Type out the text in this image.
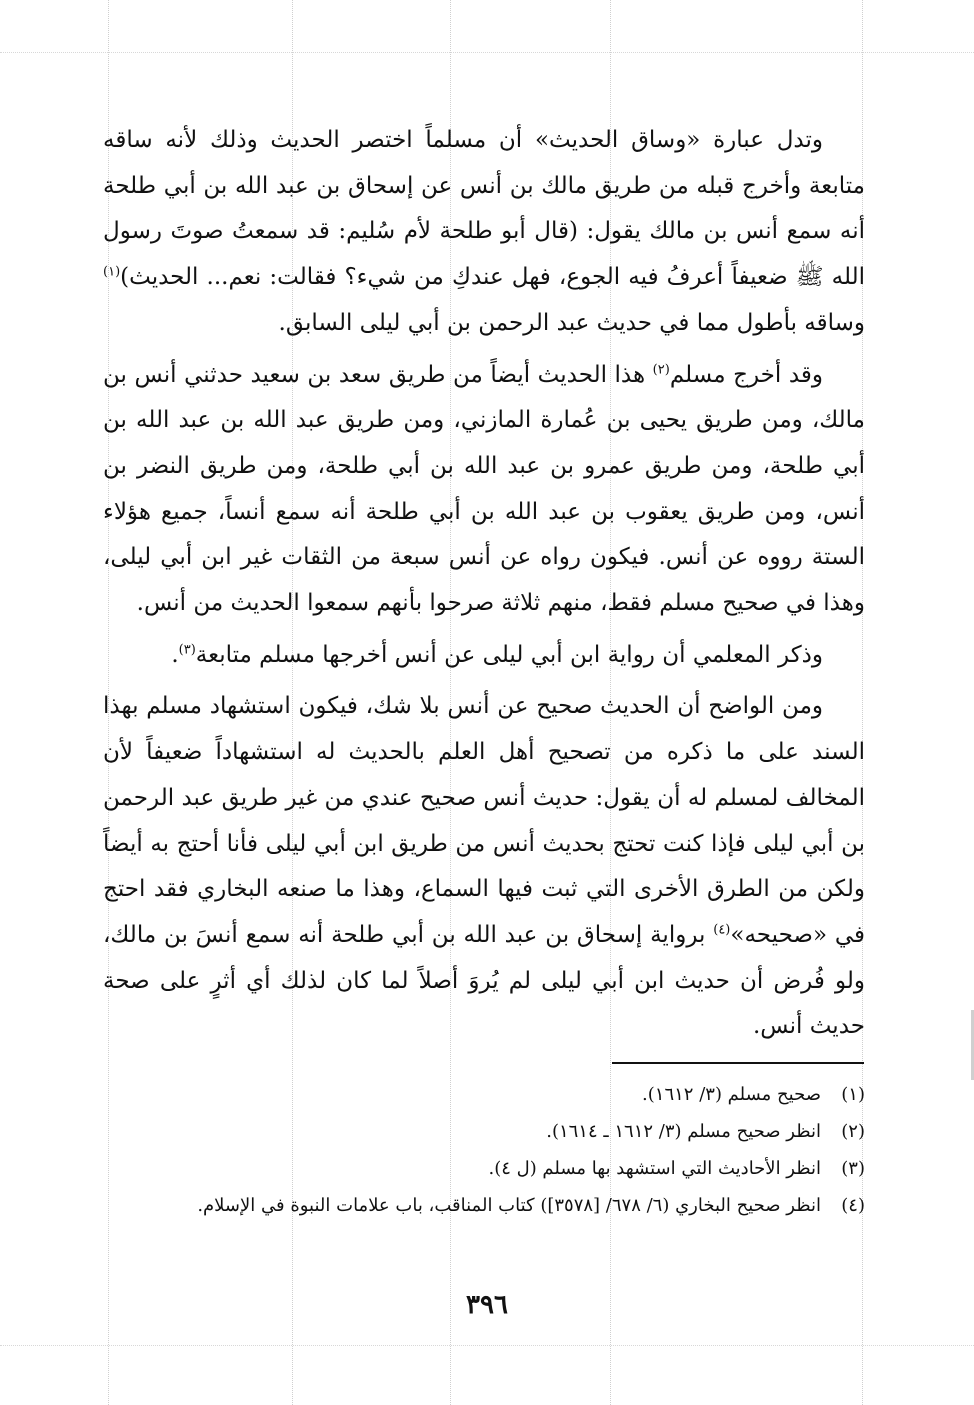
وتدل عبارة «وساق الحديث» أن مسلماً اختصر الحديث وذلك لأنه ساقه متابعة وأخرج قبله من طريق مالك بن أنس عن إسحاق بن عبد الله بن أبي طلحة أنه سمع أنس بن مالك يقول: (قال أبو طلحة لأم سُليم: قد سمعتُ صوتَ رسول الله ﷺ ضعيفاً أعرفُ فيه الجوع، فهل عندكِ من شيء؟ فقالت: نعم... الحديث)$^{(١)}$ وساقه بأطول مما في حديث عبد الرحمن بن أبي ليلى السابق.

وقد أخرج مسلم$^{(٢)}$ هذا الحديث أيضاً من طريق سعد بن سعيد حدثني أنس بن مالك، ومن طريق يحيى بن عُمارة المازني، ومن طريق عبد الله بن عبد الله بن أبي طلحة، ومن طريق عمرو بن عبد الله بن أبي طلحة، ومن طريق النضر بن أنس، ومن طريق يعقوب بن عبد الله بن أبي طلحة أنه سمع أنساً، جميع هؤلاء الستة رووه عن أنس. فيكون رواه عن أنس سبعة من الثقات غير ابن أبي ليلى، وهذا في صحيح مسلم فقط، منهم ثلاثة صرحوا بأنهم سمعوا الحديث من أنس.

وذكر المعلمي أن رواية ابن أبي ليلى عن أنس أخرجها مسلم متابعة$^{(٣)}$.

ومن الواضح أن الحديث صحيح عن أنس بلا شك، فيكون استشهاد مسلم بهذا السند على ما ذكره من تصحيح أهل العلم بالحديث له استشهاداً ضعيفاً لأن المخالف لمسلم له أن يقول: حديث أنس صحيح عندي من غير طريق عبد الرحمن بن أبي ليلى فإذا كنت تحتج بحديث أنس من طريق ابن أبي ليلى فأنا أحتج به أيضاً ولكن من الطرق الأخرى التي ثبت فيها السماع، وهذا ما صنعه البخاري فقد احتج في «صحيحه»$^{(٤)}$ برواية إسحاق بن عبد الله بن أبي طلحة أنه سمع أنسَ بن مالك، ولو فُرض أن حديث ابن أبي ليلى لم يُروَ أصلاً لما كان لذلك أي أثرٍ على صحة حديث أنس.

(١)
صحيح مسلم (٣/ ١٦١٢).
(٢)
انظر صحيح مسلم (٣/ ١٦١٢ ـ ١٦١٤).
(٣)
انظر الأحاديث التي استشهد بها مسلم (ل ٤).
(٤)
انظر صحيح البخاري (٦/ ٦٧٨/ [٣٥٧٨]) كتاب المناقب، باب علامات النبوة في الإسلام.
٣٩٦
